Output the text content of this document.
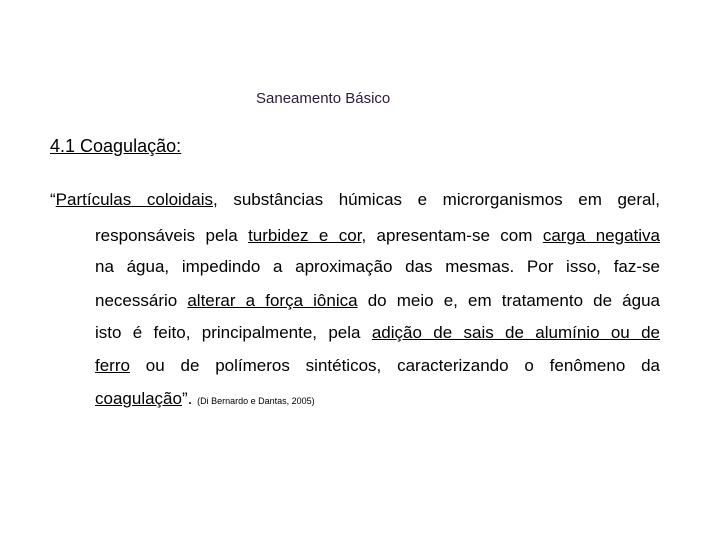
Saneamento Básico
4.1 Coagulação:
“Partículas coloidais, substâncias húmicas e microrganismos em geral,
responsáveis pela turbidez e cor, apresentam-se com carga negativa
na água, impedindo a aproximação das mesmas. Por isso, faz-se
necessário alterar a força iônica do meio e, em tratamento de água
isto é feito, principalmente, pela adição de sais de alumínio ou de
ferro ou de polímeros sintéticos, caracterizando o fenômeno da
coagulação”. (Di Bernardo e Dantas, 2005)
